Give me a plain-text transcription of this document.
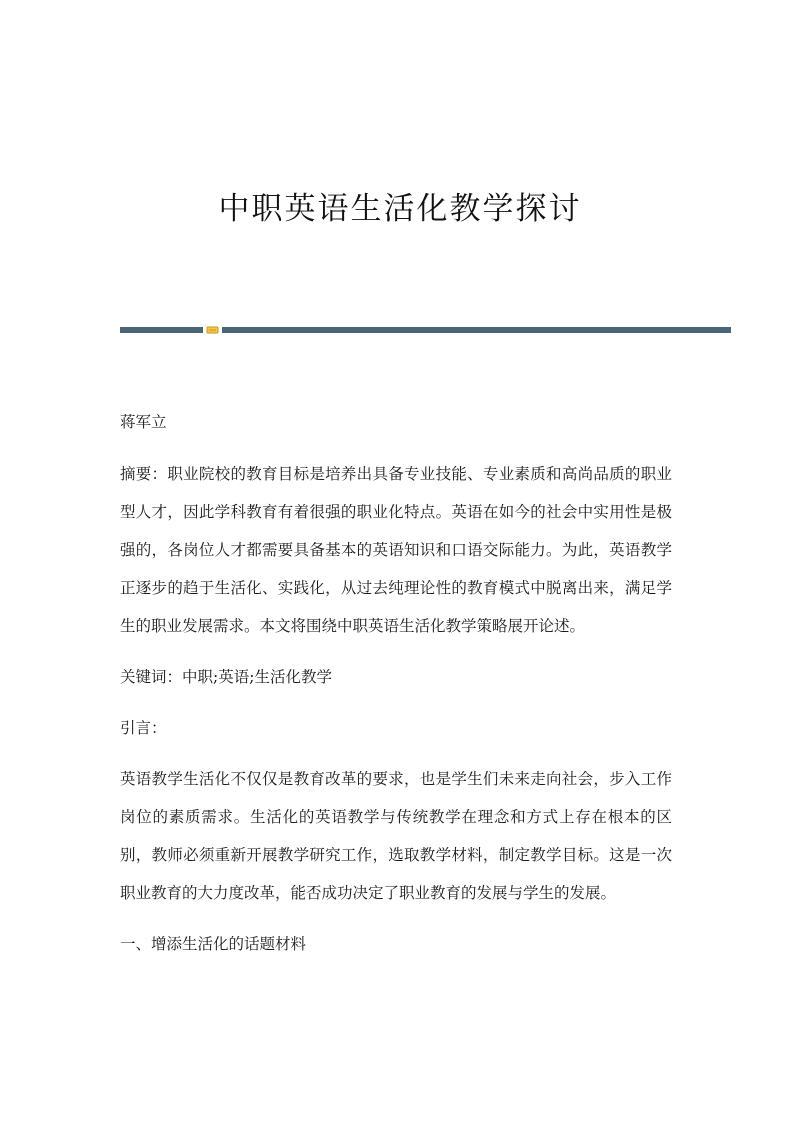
中职英语生活化教学探讨

蒋军立

摘要：职业院校的教育目标是培养出具备专业技能、专业素质和高尚品质的职业型人才，因此学科教育有着很强的职业化特点。英语在如今的社会中实用性是极强的，各岗位人才都需要具备基本的英语知识和口语交际能力。为此，英语教学正逐步的趋于生活化、实践化，从过去纯理论性的教育模式中脱离出来，满足学生的职业发展需求。本文将围绕中职英语生活化教学策略展开论述。

关键词：中职;英语;生活化教学

引言：

英语教学生活化不仅仅是教育改革的要求，也是学生们未来走向社会，步入工作岗位的素质需求。生活化的英语教学与传统教学在理念和方式上存在根本的区别，教师必须重新开展教学研究工作，选取教学材料，制定教学目标。这是一次职业教育的大力度改革，能否成功决定了职业教育的发展与学生的发展。

一、增添生活化的话题材料
